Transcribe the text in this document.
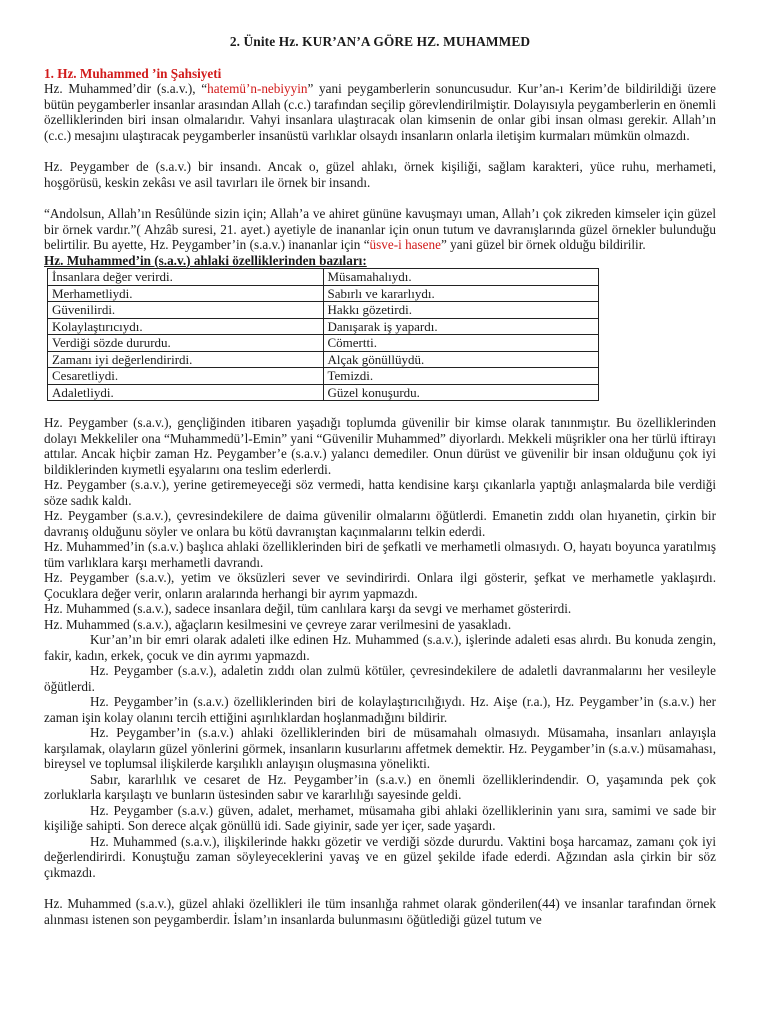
2. Ünite Hz. KUR’AN’A GÖRE HZ. MUHAMMED
1. Hz. Muhammed ’in Şahsiyeti

Hz. Muhammed’dir (s.a.v.), “hatemü’n-nebiyyin” yani peygamberlerin sonuncusudur. Kur’an-ı Kerim’de bildirildiği üzere bütün peygamberler insanlar arasından Allah (c.c.) tarafından seçilip görevlendirilmiştir. Dolayısıyla peygamberlerin en önemli özelliklerinden biri insan olmalarıdır. Vahyi insanlara ulaştıracak olan kimsenin de onlar gibi insan olması gerekir. Allah’ın (c.c.) mesajını ulaştıracak peygamberler insanüstü varlıklar olsaydı insanların onlarla iletişim kurmaları mümkün olmazdı.

Hz. Peygamber de (s.a.v.) bir insandı. Ancak o, güzel ahlakı, örnek kişiliği, sağlam karakteri, yüce ruhu, merhameti, hoşgörüsü, keskin zekâsı ve asil tavırları ile örnek bir insandı.

“Andolsun, Allah’ın Resûlünde sizin için; Allah’a ve ahiret gününe kavuşmayı uman, Allah’ı çok zikreden kimseler için güzel bir örnek vardır.”( Ahzâb suresi, 21. ayet.) ayetiyle de inananlar için onun tutum ve davranışlarında güzel örnekler bulunduğu belirtilir. Bu ayette, Hz. Peygamber’in (s.a.v.) inananlar için “üsve-i hasene” yani güzel bir örnek olduğu bildirilir.

Hz. Muhammed’in (s.a.v.) ahlaki özelliklerinden bazıları:
İnsanlara değer verirdi.	Müsamahalıydı.
Merhametliydi.	Sabırlı ve kararlıydı.
Güvenilirdi.	Hakkı gözetirdi.
Kolaylaştırıcıydı.	Danışarak iş yapardı.
Verdiği sözde dururdu.	Cömertti.
Zamanı iyi değerlendirirdi.	Alçak gönüllüydü.
Cesaretliydi.	Temizdi.
Adaletliydi.	Güzel konuşurdu.

Hz. Peygamber (s.a.v.), gençliğinden itibaren yaşadığı toplumda güvenilir bir kimse olarak tanınmıştır. Bu özelliklerinden dolayı Mekkeliler ona “Muhammedü’l-Emin” yani “Güvenilir Muhammed” diyorlardı. Mekkeli müşrikler ona her türlü iftirayı attılar. Ancak hiçbir zaman Hz. Peygamber’e (s.a.v.) yalancı demediler. Onun dürüst ve güvenilir bir insan olduğunu çok iyi bildiklerinden kıymetli eşyalarını ona teslim ederlerdi.

Hz. Peygamber (s.a.v.), yerine getiremeyeceği söz vermedi, hatta kendisine karşı çıkanlarla yaptığı anlaşmalarda bile verdiği söze sadık kaldı.

Hz. Peygamber (s.a.v.), çevresindekilere de daima güvenilir olmalarını öğütlerdi. Emanetin zıddı olan hıyanetin, çirkin bir davranış olduğunu söyler ve onlara bu kötü davranıştan kaçınmalarını telkin ederdi.

Hz. Muhammed’in (s.a.v.) başlıca ahlaki özelliklerinden biri de şefkatli ve merhametli olmasıydı. O, hayatı boyunca yaratılmış tüm varlıklara karşı merhametli davrandı.

Hz. Peygamber (s.a.v.), yetim ve öksüzleri sever ve sevindirirdi. Onlara ilgi gösterir, şefkat ve merhametle yaklaşırdı. Çocuklara değer verir, onların aralarında herhangi bir ayrım yapmazdı.

Hz. Muhammed (s.a.v.), sadece insanlara değil, tüm canlılara karşı da sevgi ve merhamet gösterirdi.

Hz. Muhammed (s.a.v.), ağaçların kesilmesini ve çevreye zarar verilmesini de yasakladı.

Kur’an’ın bir emri olarak adaleti ilke edinen Hz. Muhammed (s.a.v.), işlerinde adaleti esas alırdı. Bu konuda zengin, fakir, kadın, erkek, çocuk ve din ayrımı yapmazdı.

Hz. Peygamber (s.a.v.), adaletin zıddı olan zulmü kötüler, çevresindekilere de adaletli davranmalarını her vesileyle öğütlerdi.

Hz. Peygamber’in (s.a.v.) özelliklerinden biri de kolaylaştırıcılığıydı. Hz. Aişe (r.a.), Hz. Peygamber’in (s.a.v.) her zaman işin kolay olanını tercih ettiğini aşırılıklardan hoşlanmadığını bildirir.

Hz. Peygamber’in (s.a.v.) ahlaki özelliklerinden biri de müsamahalı olmasıydı. Müsamaha, insanları anlayışla karşılamak, olayların güzel yönlerini görmek, insanların kusurlarını affetmek demektir. Hz. Peygamber’in (s.a.v.) müsamahası, bireysel ve toplumsal ilişkilerde karşılıklı anlayışın oluşmasına yönelikti.

Sabır, kararlılık ve cesaret de Hz. Peygamber’in (s.a.v.) en önemli özelliklerindendir. O, yaşamında pek çok zorluklarla karşılaştı ve bunların üstesinden sabır ve kararlılığı sayesinde geldi.

Hz. Peygamber (s.a.v.) güven, adalet, merhamet, müsamaha gibi ahlaki özelliklerinin yanı sıra, samimi ve sade bir kişiliğe sahipti. Son derece alçak gönüllü idi. Sade giyinir, sade yer içer, sade yaşardı.

Hz. Muhammed (s.a.v.), ilişkilerinde hakkı gözetir ve verdiği sözde dururdu. Vaktini boşa harcamaz, zamanı çok iyi değerlendirirdi. Konuştuğu zaman söyleyeceklerini yavaş ve en güzel şekilde ifade ederdi. Ağzından asla çirkin bir söz çıkmazdı.

Hz. Muhammed (s.a.v.), güzel ahlaki özellikleri ile tüm insanlığa rahmet olarak gönderilen(44) ve insanlar tarafından örnek alınması istenen son peygamberdir. İslam’ın insanlarda bulunmasını öğütlediği güzel tutum ve
